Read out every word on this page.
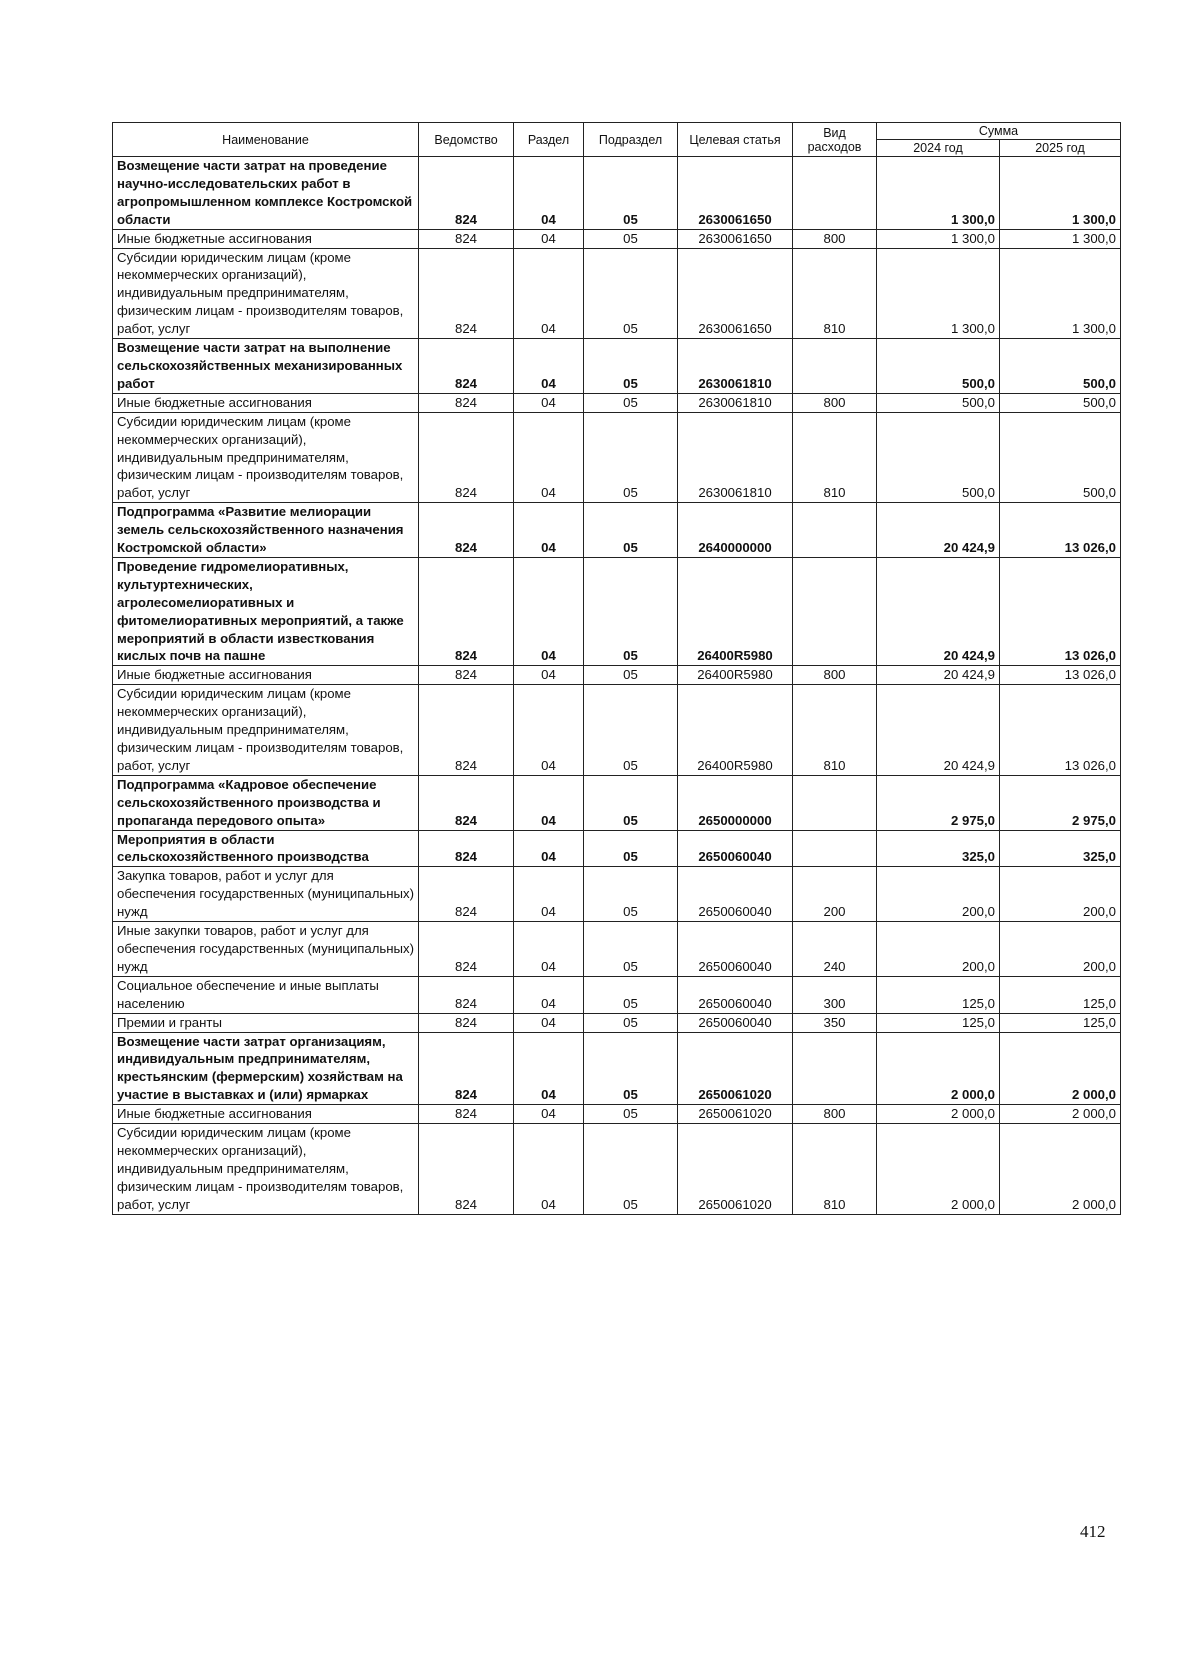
Наименование	Ведомство	Раздел	Подраздел	Целевая статья	Вид расходов	Сумма	
						2024 год	2025 год
Возмещение части затрат на проведение научно-исследовательских работ в агропромышленном комплексе Костромской области	824	04	05	2630061650		1 300,0	1 300,0
Иные бюджетные ассигнования	824	04	05	2630061650	800	1 300,0	1 300,0
Субсидии юридическим лицам (кроме некоммерческих организаций), индивидуальным предпринимателям, физическим лицам - производителям товаров, работ, услуг	824	04	05	2630061650	810	1 300,0	1 300,0
Возмещение части затрат на выполнение сельскохозяйственных механизированных работ	824	04	05	2630061810		500,0	500,0
Иные бюджетные ассигнования	824	04	05	2630061810	800	500,0	500,0
Субсидии юридическим лицам (кроме некоммерческих организаций), индивидуальным предпринимателям, физическим лицам - производителям товаров, работ, услуг	824	04	05	2630061810	810	500,0	500,0
Подпрограмма «Развитие мелиорации земель сельскохозяйственного назначения Костромской области»	824	04	05	2640000000		20 424,9	13 026,0
Проведение гидромелиоративных, культуртехнических, агролесомелиоративных и фитомелиоративных мероприятий, а также мероприятий в области известкования кислых почв на пашне	824	04	05	26400R5980		20 424,9	13 026,0
Иные бюджетные ассигнования	824	04	05	26400R5980	800	20 424,9	13 026,0
Субсидии юридическим лицам (кроме некоммерческих организаций), индивидуальным предпринимателям, физическим лицам - производителям товаров, работ, услуг	824	04	05	26400R5980	810	20 424,9	13 026,0
Подпрограмма «Кадровое обеспечение сельскохозяйственного производства и пропаганда передового опыта»	824	04	05	2650000000		2 975,0	2 975,0
Мероприятия в области сельскохозяйственного производства	824	04	05	2650060040		325,0	325,0
Закупка товаров, работ и услуг для обеспечения государственных (муниципальных) нужд	824	04	05	2650060040	200	200,0	200,0
Иные закупки товаров, работ и услуг для обеспечения государственных (муниципальных) нужд	824	04	05	2650060040	240	200,0	200,0
Социальное обеспечение и иные выплаты населению	824	04	05	2650060040	300	125,0	125,0
Премии и гранты	824	04	05	2650060040	350	125,0	125,0
Возмещение части затрат организациям, индивидуальным предпринимателям, крестьянским (фермерским) хозяйствам на участие в выставках и (или) ярмарках	824	04	05	2650061020		2 000,0	2 000,0
Иные бюджетные ассигнования	824	04	05	2650061020	800	2 000,0	2 000,0
Субсидии юридическим лицам (кроме некоммерческих организаций), индивидуальным предпринимателям, физическим лицам - производителям товаров, работ, услуг	824	04	05	2650061020	810	2 000,0	2 000,0
412
